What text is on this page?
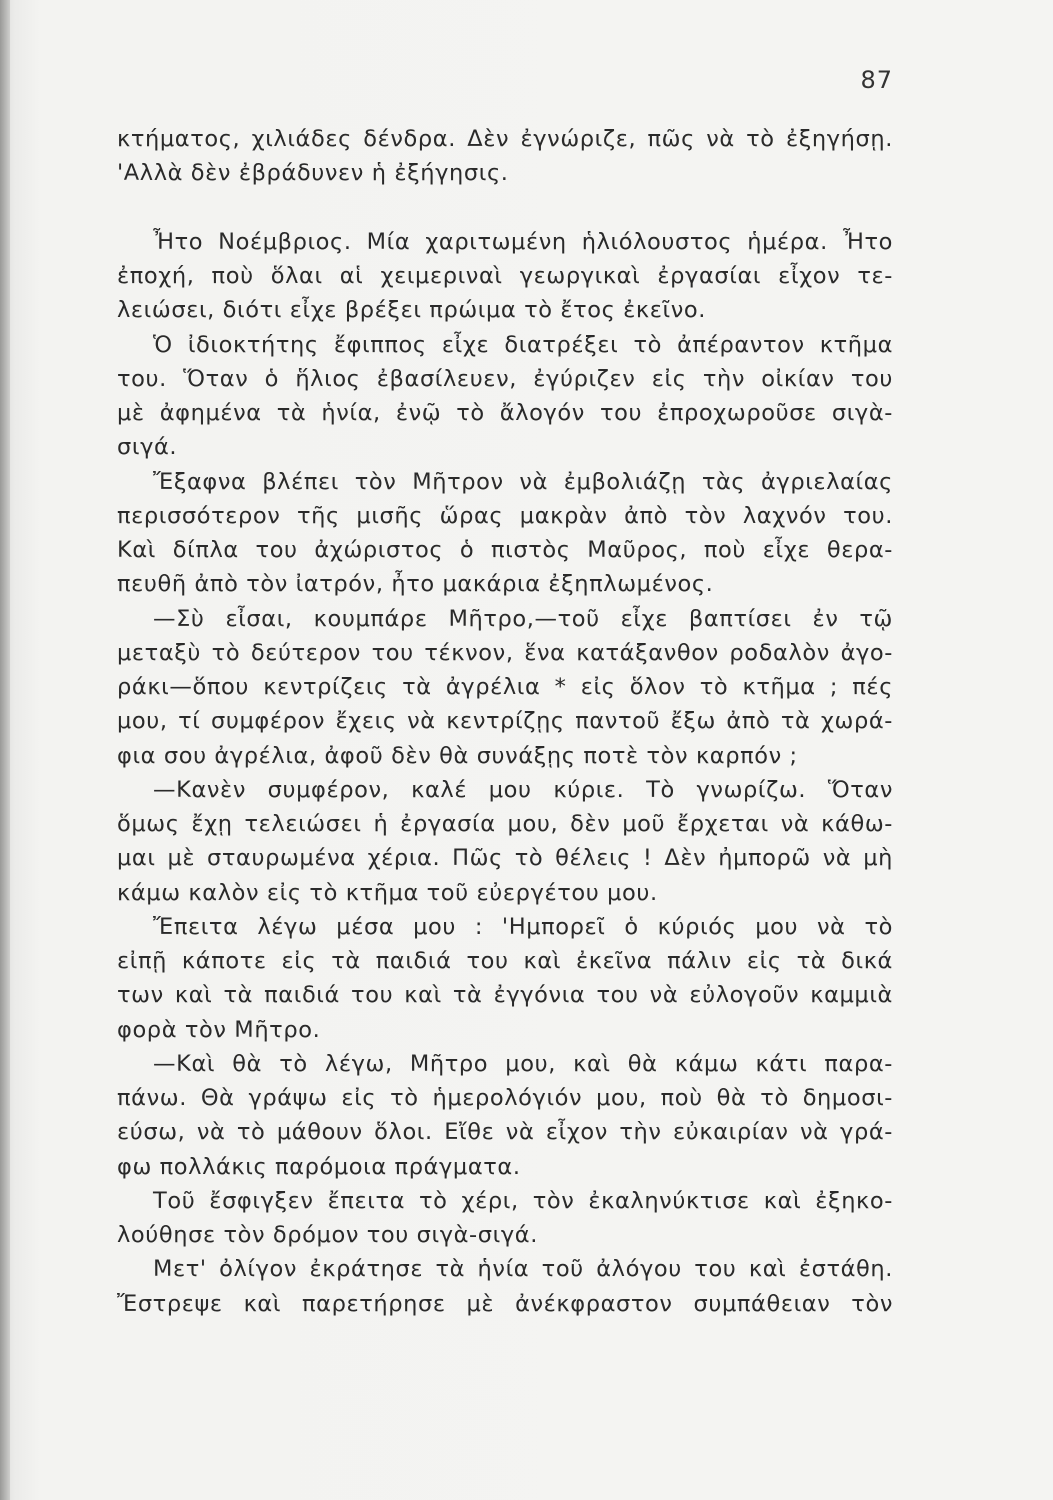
87
κτήματος, χιλιάδες δένδρα. Δὲν ἐγνώριζε, πῶς νὰ τὸ ἐξηγήσῃ.
'Αλλὰ δὲν ἐβράδυνεν ἡ ἐξήγησις.
Ἦτο Νοέμβριος. Μία χαριτωμένη ἡλιόλουστος ἡμέρα. Ἦτο
ἐποχή, ποὺ ὅλαι αἱ χειμεριναὶ γεωργικαὶ ἐργασίαι εἶχον τε-
λειώσει, διότι εἶχε βρέξει πρώιμα τὸ ἔτος ἐκεῖνο.
Ὁ ἰδιοκτήτης ἔφιππος εἶχε διατρέξει τὸ ἀπέραντον κτῆμα
του. Ὅταν ὁ ἥλιος ἐβασίλευεν, ἐγύριζεν εἰς τὴν οἰκίαν του
μὲ ἀφημένα τὰ ἡνία, ἐνῷ τὸ ἄλογόν του ἐπροχωροῦσε σιγὰ-
σιγά.
Ἔξαφνα βλέπει τὸν Μῆτρον νὰ ἐμβολιάζῃ τὰς ἀγριελαίας
περισσότερον τῆς μισῆς ὥρας μακρὰν ἀπὸ τὸν λαχνόν του.
Καὶ δίπλα του ἀχώριστος ὁ πιστὸς Μαῦρος, ποὺ εἶχε θερα-
πευθῆ ἀπὸ τὸν ἰατρόν, ἦτο μακάρια ἐξηπλωμένος.
—Σὺ εἶσαι, κουμπάρε Μῆτρο,—τοῦ εἶχε βαπτίσει ἐν τῷ
μεταξὺ τὸ δεύτερον του τέκνον, ἕνα κατάξανθον ροδαλὸν ἀγο-
ράκι—ὅπου κεντρίζεις τὰ ἀγρέλια * εἰς ὅλον τὸ κτῆμα ; πές
μου, τί συμφέρον ἔχεις νὰ κεντρίζῃς παντοῦ ἔξω ἀπὸ τὰ χωρά-
φια σου ἀγρέλια, ἀφοῦ δὲν θὰ συνάξῃς ποτὲ τὸν καρπόν ;
—Κανὲν συμφέρον, καλέ μου κύριε. Τὸ γνωρίζω. Ὅταν
ὅμως ἔχῃ τελειώσει ἡ ἐργασία μου, δὲν μοῦ ἔρχεται νὰ κάθω-
μαι μὲ σταυρωμένα χέρια. Πῶς τὸ θέλεις ! Δὲν ἠμπορῶ νὰ μὴ
κάμω καλὸν εἰς τὸ κτῆμα τοῦ εὐεργέτου μου.
Ἔπειτα λέγω μέσα μου : 'Ημπορεῖ ὁ κύριός μου νὰ τὸ
εἰπῇ κάποτε εἰς τὰ παιδιά του καὶ ἐκεῖνα πάλιν εἰς τὰ δικά
των καὶ τὰ παιδιά του καὶ τὰ ἐγγόνια του νὰ εὐλογοῦν καμμιὰ
φορὰ τὸν Μῆτρο.
—Καὶ θὰ τὸ λέγω, Μῆτρο μου, καὶ θὰ κάμω κάτι παρα-
πάνω. Θὰ γράψω εἰς τὸ ἡμερολόγιόν μου, ποὺ θὰ τὸ δημοσι-
εύσω, νὰ τὸ μάθουν ὅλοι. Εἴθε νὰ εἶχον τὴν εὐκαιρίαν νὰ γρά-
φω πολλάκις παρόμοια πράγματα.
Τοῦ ἔσφιγξεν ἔπειτα τὸ χέρι, τὸν ἐκαληνύκτισε καὶ ἐξηκο-
λούθησε τὸν δρόμον του σιγὰ-σιγά.
Μετ' ὀλίγον ἐκράτησε τὰ ἡνία τοῦ ἀλόγου του καὶ ἐστάθη.
Ἔστρεψε καὶ παρετήρησε μὲ ἀνέκφραστον συμπάθειαν τὸν
